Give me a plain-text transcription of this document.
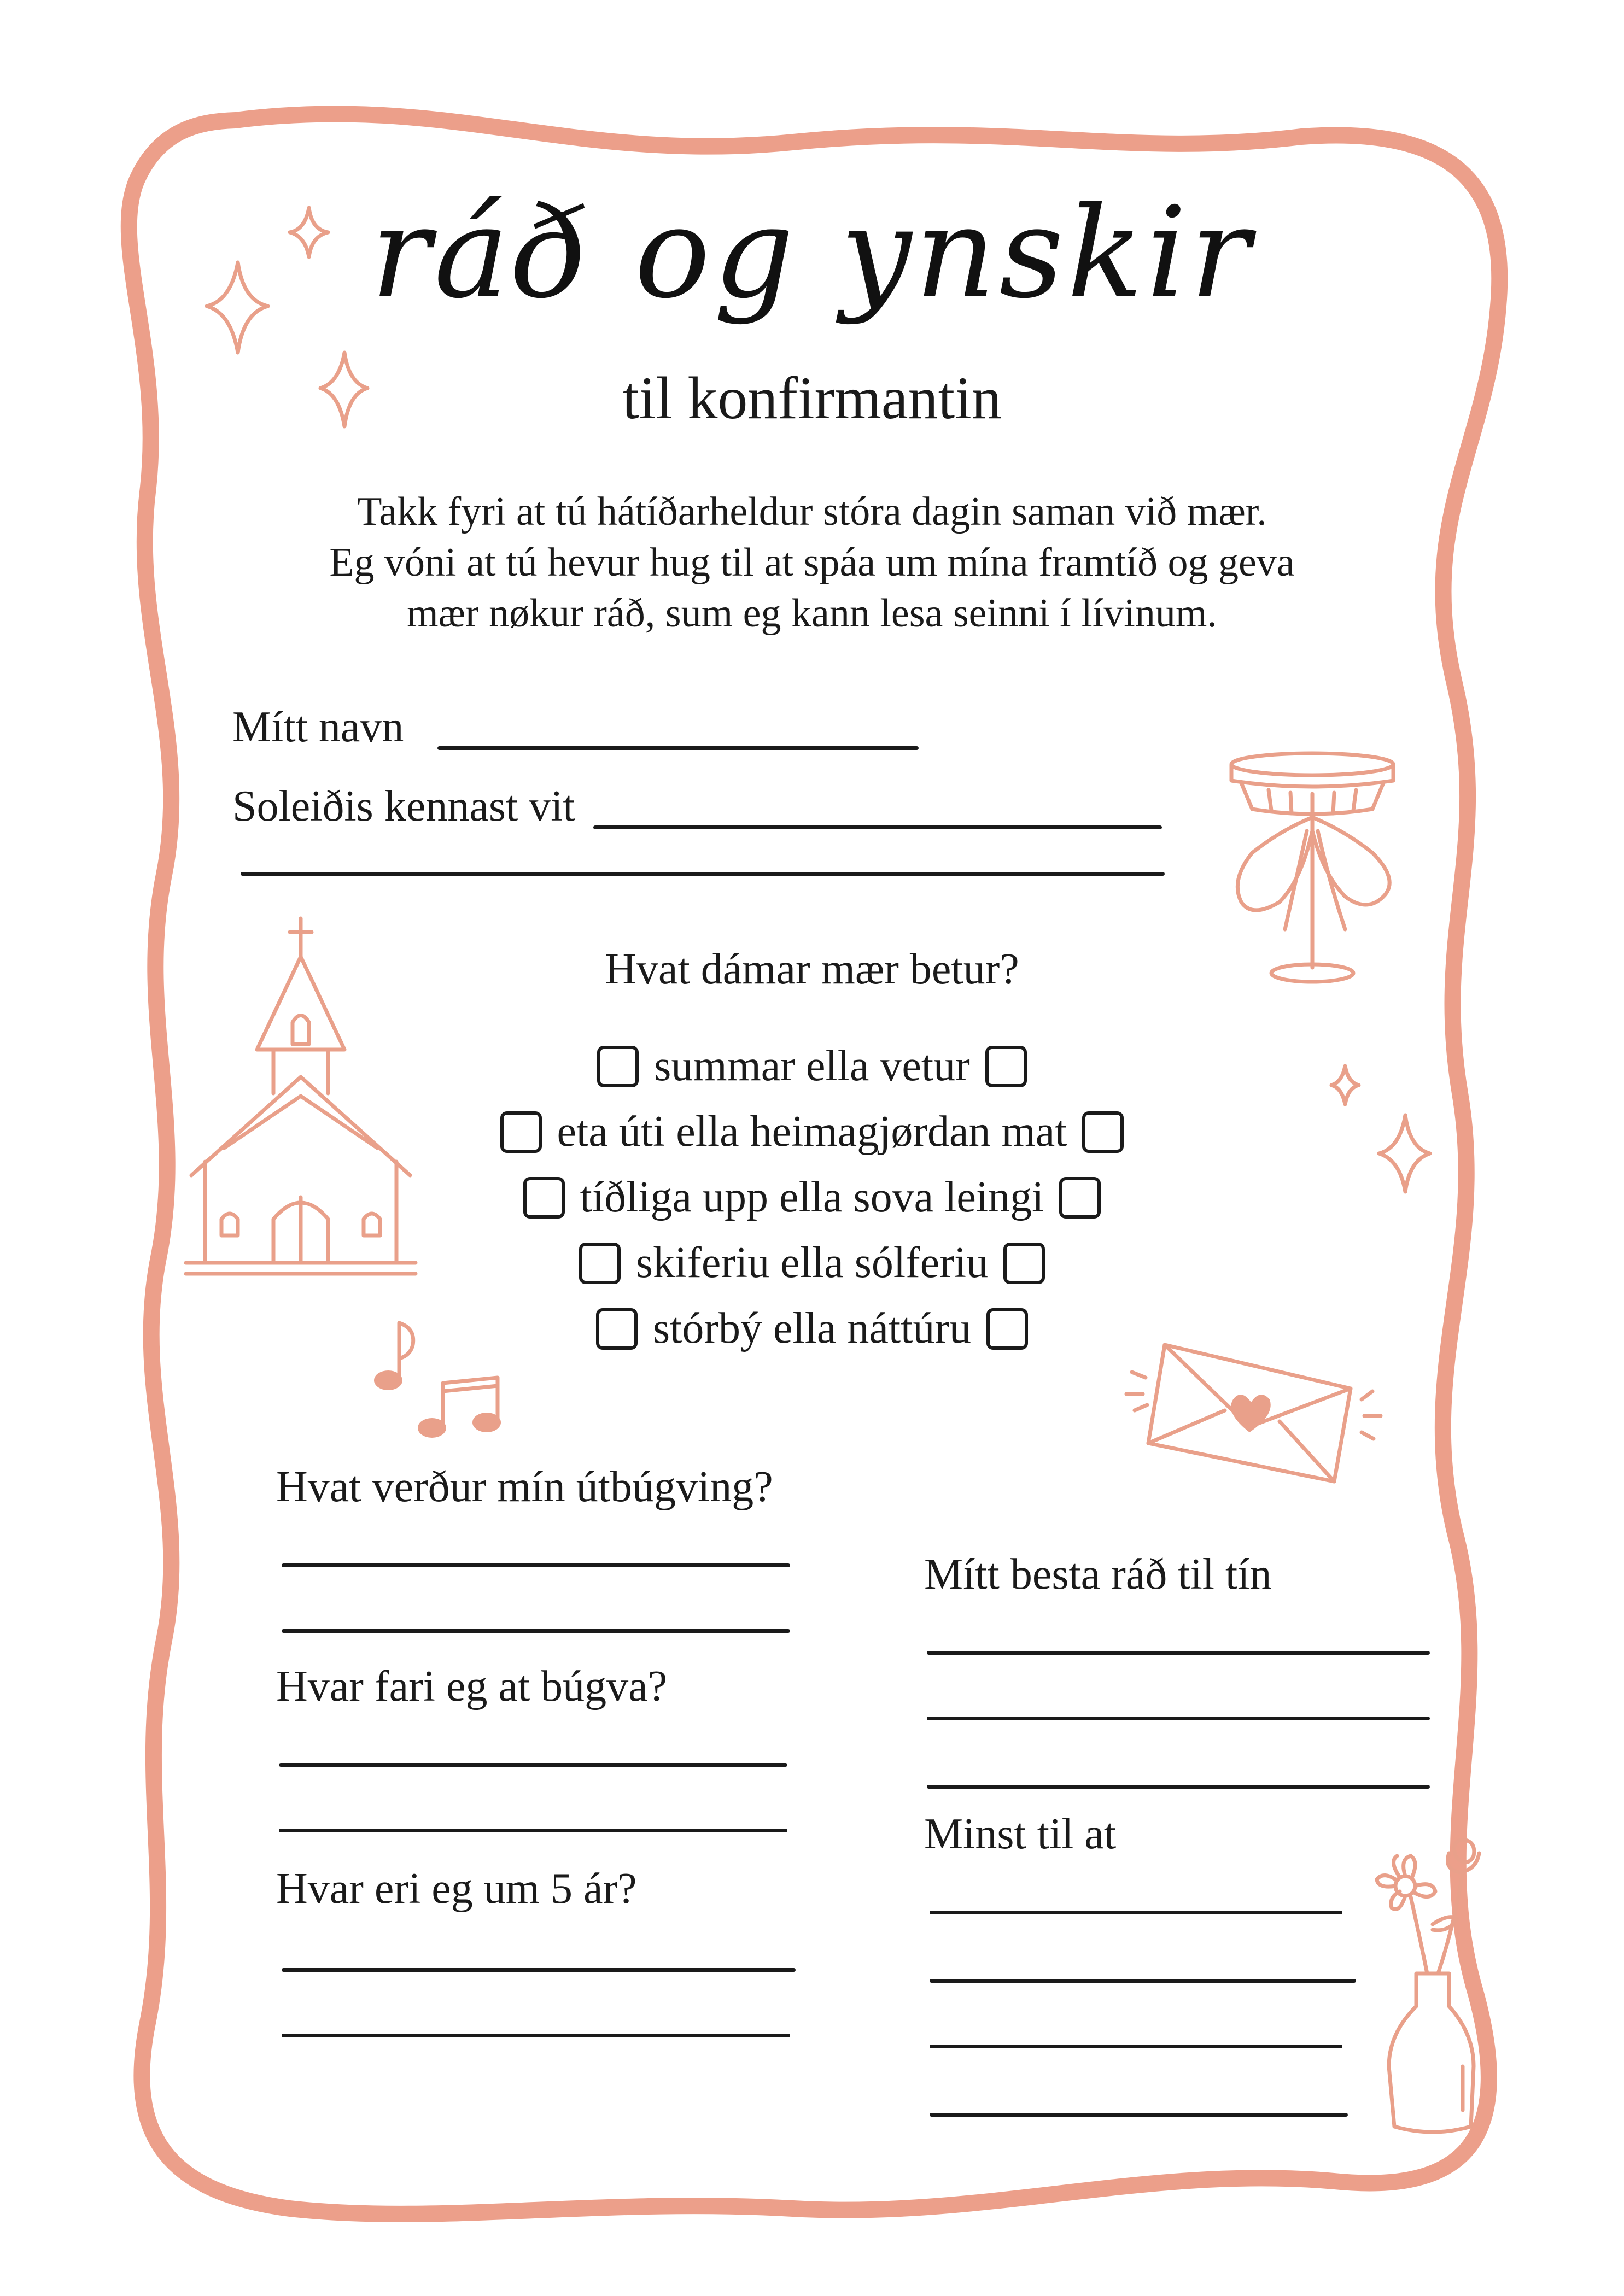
ráð og ynskir
til konfirmantin
Takk fyri at tú hátíðarheldur stóra dagin saman við mær.
Eg vóni at tú hevur hug til at spáa um mína framtíð og geva
mær nøkur ráð, sum eg kann lesa seinni í lívinum.
Mítt navn
Soleiðis kennast vit
Hvat dámar mær betur?
summar ella vetur
eta úti ella heimagjørdan mat
tíðliga upp ella sova leingi
skiferiu ella sólferiu
stórbý ella náttúru
Hvat verður mín útbúgving?
Hvar fari eg at búgva?
Hvar eri eg um 5 ár?
Mítt besta ráð til tín
Minst til at
